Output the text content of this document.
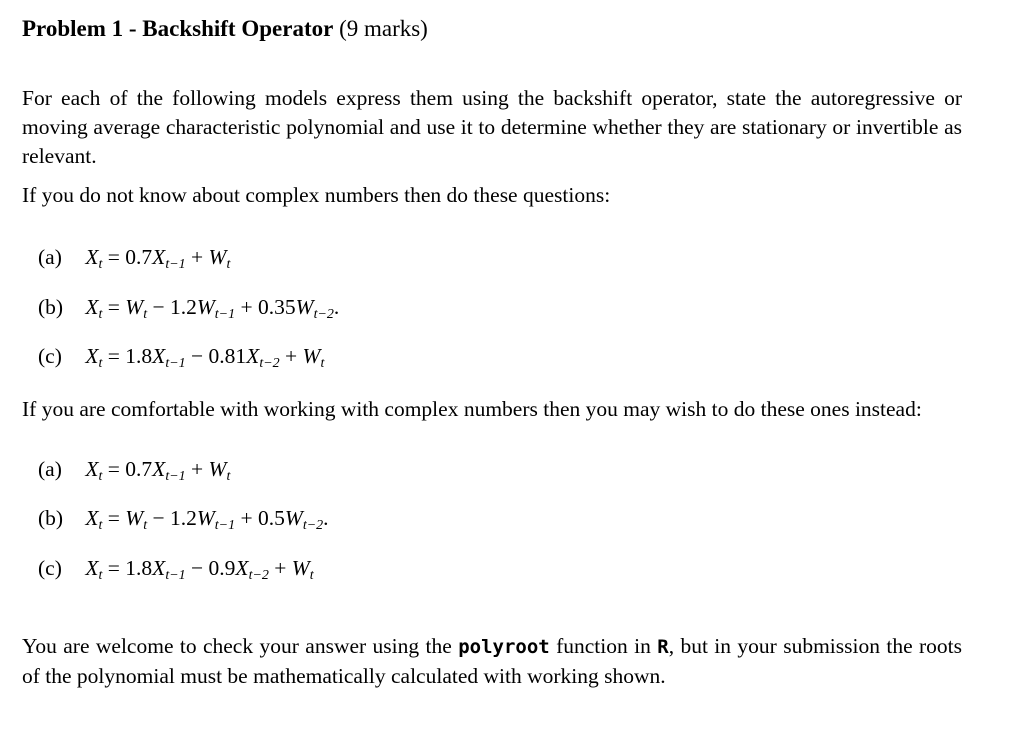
Problem 1 - Backshift Operator (9 marks)

For each of the following models express them using the backshift operator, state the autoregressive or moving average characteristic polynomial and use it to determine whether they are stationary or invertible as relevant.

If you do not know about complex numbers then do these questions:

(a) $X_t = 0.7X_{t-1} + W_t$
(b) $X_t = W_t - 1.2W_{t-1} + 0.35W_{t-2}$.
(c) $X_t = 1.8X_{t-1} - 0.81X_{t-2} + W_t$

If you are comfortable with working with complex numbers then you may wish to do these ones instead:

(a) $X_t = 0.7X_{t-1} + W_t$
(b) $X_t = W_t - 1.2W_{t-1} + 0.5W_{t-2}$.
(c) $X_t = 1.8X_{t-1} - 0.9X_{t-2} + W_t$

You are welcome to check your answer using the polyroot function in R, but in your submission the roots of the polynomial must be mathematically calculated with working shown.
